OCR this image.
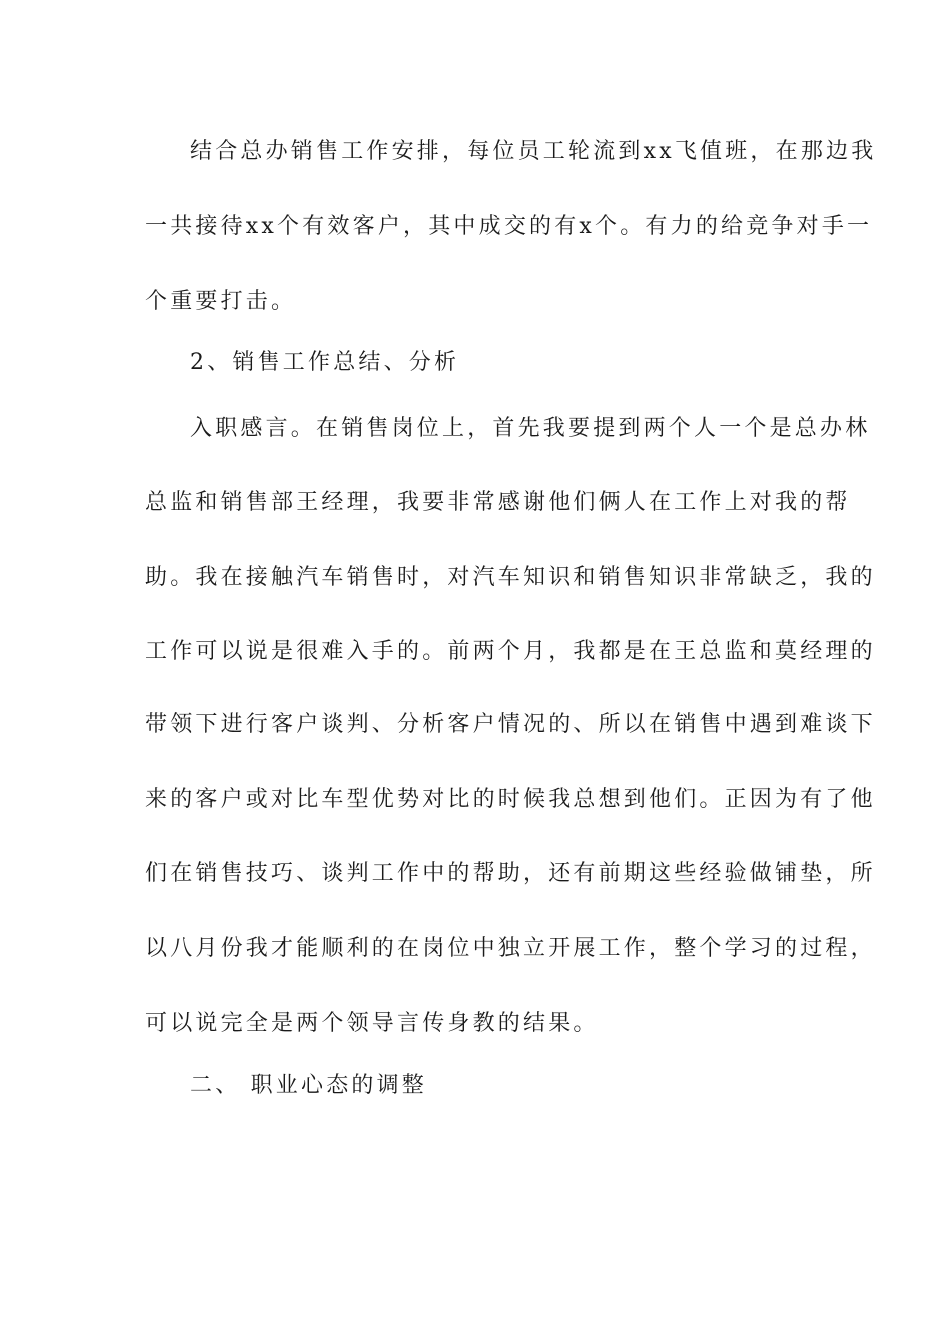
结合总办销售工作安排，每位员工轮流到xx飞值班，在那边我
一共接待xx个有效客户，其中成交的有x个。有力的给竞争对手一
个重要打击。
2、销售工作总结、分析
入职感言。在销售岗位上，首先我要提到两个人一个是总办林
总监和销售部王经理，我要非常感谢他们俩人在工作上对我的帮
助。我在接触汽车销售时，对汽车知识和销售知识非常缺乏，我的
工作可以说是很难入手的。前两个月，我都是在王总监和莫经理的
带领下进行客户谈判、分析客户情况的、所以在销售中遇到难谈下
来的客户或对比车型优势对比的时候我总想到他们。正因为有了他
们在销售技巧、谈判工作中的帮助，还有前期这些经验做铺垫，所
以八月份我才能顺利的在岗位中独立开展工作，整个学习的过程，
可以说完全是两个领导言传身教的结果。
二、 职业心态的调整
